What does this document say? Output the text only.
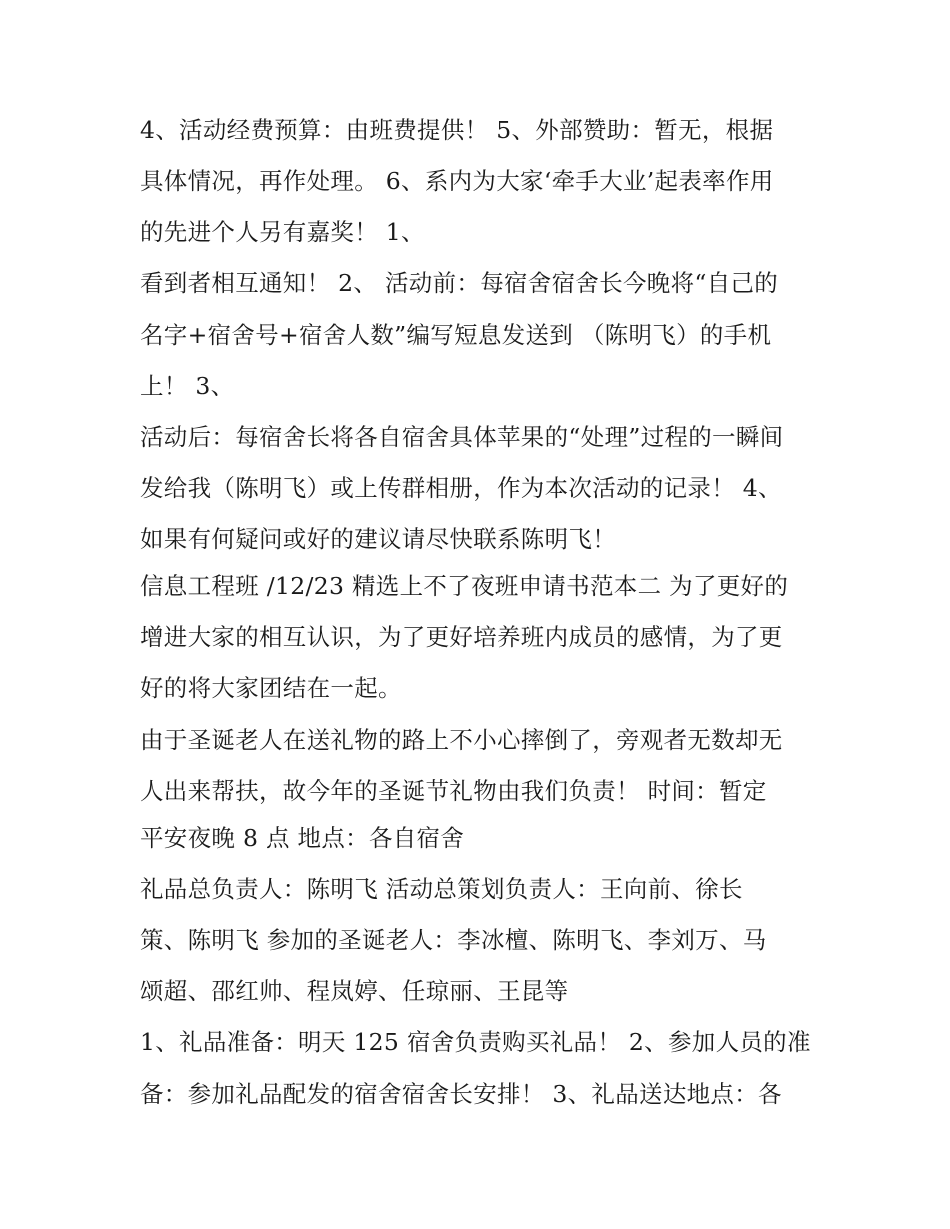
4、活动经费预算：由班费提供！ 5、外部赞助：暂无，根据
具体情况，再作处理。 6、系内为大家‘牵手大业’起表率作用
的先进个人另有嘉奖！ 1、
看到者相互通知！ 2、 活动前：每宿舍宿舍长今晚将“自己的
名字+宿舍号+宿舍人数”编写短息发送到 （陈明飞）的手机
上！ 3、
活动后：每宿舍长将各自宿舍具体苹果的“处理”过程的一瞬间
发给我（陈明飞）或上传群相册，作为本次活动的记录！ 4、
如果有何疑问或好的建议请尽快联系陈明飞！
信息工程班 /12/23 精选上不了夜班申请书范本二 为了更好的
增进大家的相互认识，为了更好培养班内成员的感情，为了更
好的将大家团结在一起。
由于圣诞老人在送礼物的路上不小心摔倒了，旁观者无数却无
人出来帮扶，故今年的圣诞节礼物由我们负责！ 时间：暂定
平安夜晚 8 点 地点：各自宿舍
礼品总负责人：陈明飞 活动总策划负责人：王向前、徐长
策、陈明飞 参加的圣诞老人：李冰檀、陈明飞、李刘万、马
颂超、邵红帅、程岚婷、任琼丽、王昆等
1、礼品准备：明天 125 宿舍负责购买礼品！ 2、参加人员的准
备：参加礼品配发的宿舍宿舍长安排！ 3、礼品送达地点：各
